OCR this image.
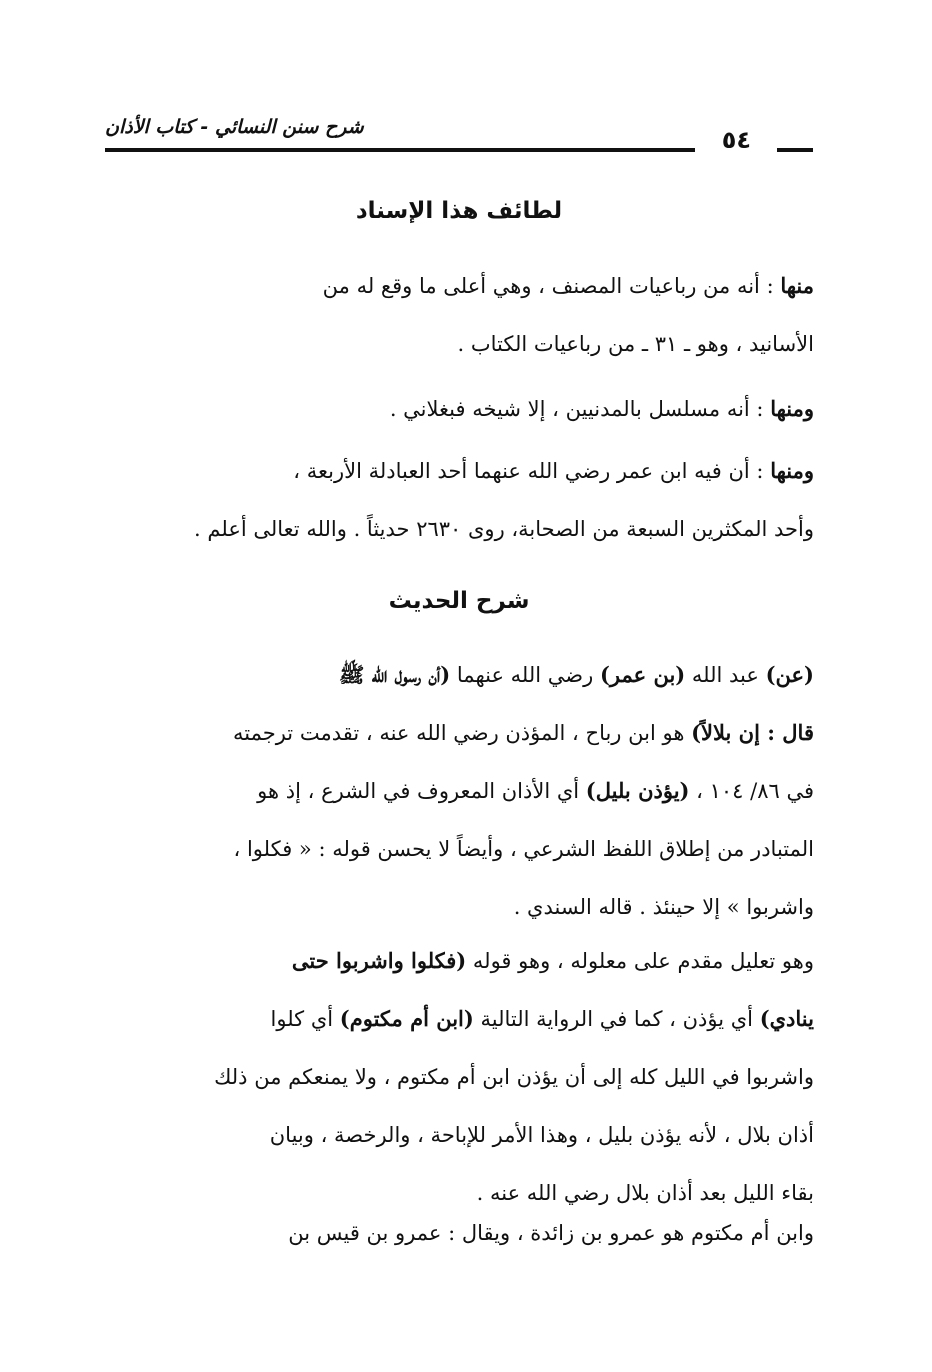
شرح سنن النسائي - كتاب الأذان	٥٤
لطائف هذا الإسناد
منها : أنه من رباعيات المصنف ، وهي أعلى ما وقع له من
الأسانيد ، وهو ـ ٣١ ـ من رباعيات الكتاب .
ومنها : أنه مسلسل بالمدنيين ، إلا شيخه فبغلاني .
ومنها : أن فيه ابن عمر رضي الله عنهما أحد العبادلة الأربعة ،
وأحد المكثرين السبعة من الصحابة، روى ٢٦٣٠ حديثاً . والله تعالى أعلم .
شرح الحديث
(عن) عبد الله (بن عمر) رضي الله عنهما (أن رسول الله ﷺ
قال : إن بلالاً) هو ابن رباح ، المؤذن رضي الله عنه ، تقدمت ترجمته
في ٨٦/ ١٠٤ ، (يؤذن بليل) أي الأذان المعروف في الشرع ، إذ هو
المتبادر من إطلاق اللفظ الشرعي ، وأيضاً لا يحسن قوله : « فكلوا ،
واشربوا » إلا حينئذ . قاله السندي .
وهو تعليل مقدم على معلوله ، وهو قوله (فكلوا واشربوا حتى
ينادي) أي يؤذن ، كما في الرواية التالية (ابن أم مكتوم) أي كلوا
واشربوا في الليل كله إلى أن يؤذن ابن أم مكتوم ، ولا يمنعكم من ذلك
أذان بلال ، لأنه يؤذن بليل ، وهذا الأمر للإباحة ، والرخصة ، وبيان
بقاء الليل بعد أذان بلال رضي الله عنه .
وابن أم مكتوم هو عمرو بن زائدة ، ويقال : عمرو بن قيس بن
